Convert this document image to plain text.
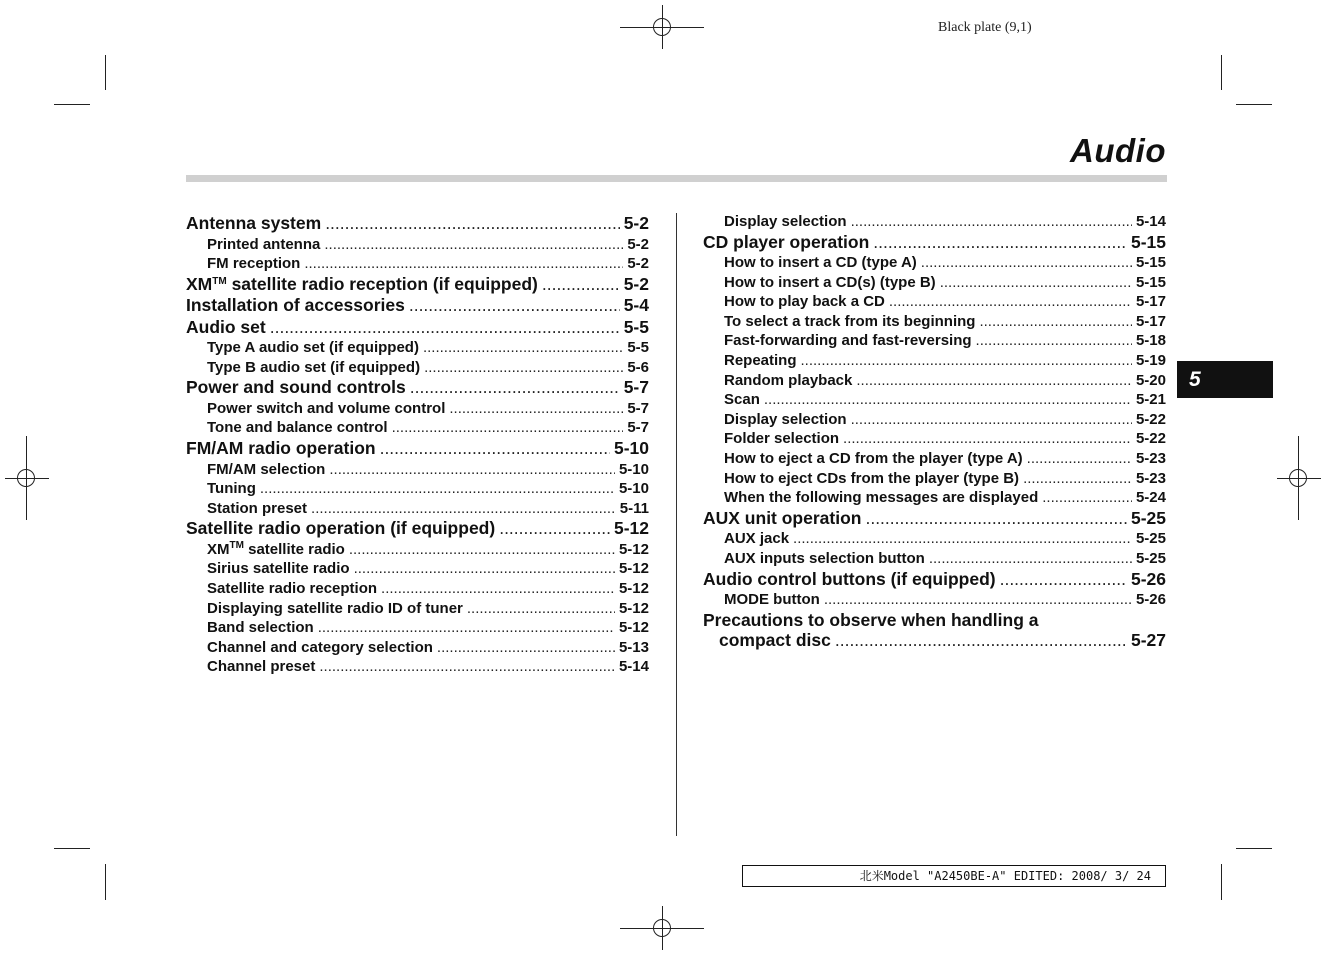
Black plate (9,1)
Audio
5
北米Model "A2450BE-A" EDITED: 2008/ 3/ 24
Antenna system .....	5-2
Printed antenna .....	5-2
FM reception .....	5-2
XM™ satellite radio reception (if equipped) .....	5-2
Installation of accessories .....	5-4
Audio set .....	5-5
Type A audio set (if equipped) .....	5-5
Type B audio set (if equipped) .....	5-6
Power and sound controls .....	5-7
Power switch and volume control .....	5-7
Tone and balance control .....	5-7
FM/AM radio operation .....	5-10
FM/AM selection .....	5-10
Tuning .....	5-10
Station preset .....	5-11
Satellite radio operation (if equipped) .....	5-12
XM™ satellite radio .....	5-12
Sirius satellite radio .....	5-12
Satellite radio reception .....	5-12
Displaying satellite radio ID of tuner .....	5-12
Band selection .....	5-12
Channel and category selection .....	5-13
Channel preset .....	5-14
Display selection .....	5-14
CD player operation .....	5-15
How to insert a CD (type A) .....	5-15
How to insert a CD(s) (type B) .....	5-15
How to play back a CD .....	5-17
To select a track from its beginning .....	5-17
Fast-forwarding and fast-reversing .....	5-18
Repeating .....	5-19
Random playback .....	5-20
Scan .....	5-21
Display selection .....	5-22
Folder selection .....	5-22
How to eject a CD from the player (type A) .....	5-23
How to eject CDs from the player (type B) .....	5-23
When the following messages are displayed .....	5-24
AUX unit operation .....	5-25
AUX jack .....	5-25
AUX inputs selection button .....	5-25
Audio control buttons (if equipped) .....	5-26
MODE button .....	5-26
Precautions to observe when handling a
compact disc .....	5-27
